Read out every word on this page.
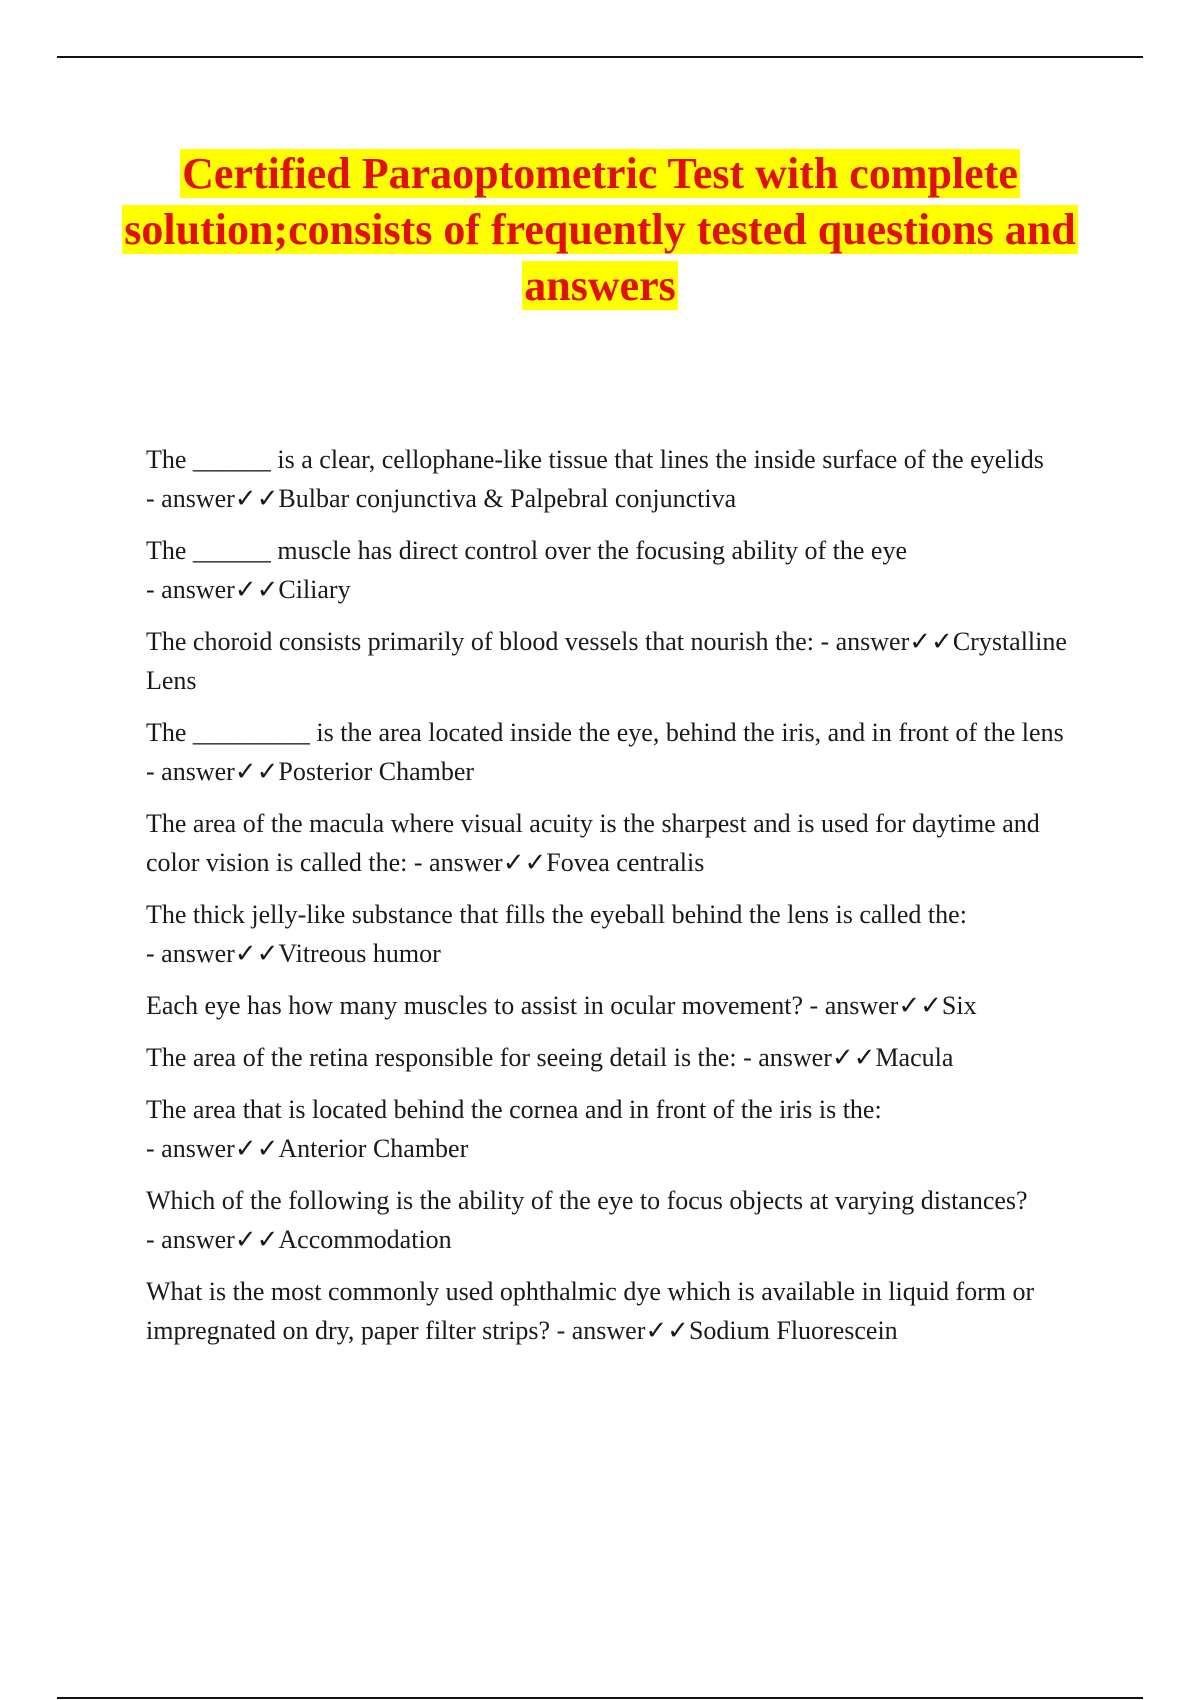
Certified Paraoptometric Test with complete solution;consists of frequently tested questions and answers
The ______ is a clear, cellophane-like tissue that lines the inside surface of the eyelids - answer✓✓Bulbar conjunctiva & Palpebral conjunctiva
The ______ muscle has direct control over the focusing ability of the eye - answer✓✓Ciliary
The choroid consists primarily of blood vessels that nourish the: - answer✓✓Crystalline Lens
The _________ is the area located inside the eye, behind the iris, and in front of the lens - answer✓✓Posterior Chamber
The area of the macula where visual acuity is the sharpest and is used for daytime and color vision is called the: - answer✓✓Fovea centralis
The thick jelly-like substance that fills the eyeball behind the lens is called the: - answer✓✓Vitreous humor
Each eye has how many muscles to assist in ocular movement? - answer✓✓Six
The area of the retina responsible for seeing detail is the: - answer✓✓Macula
The area that is located behind the cornea and in front of the iris is the: - answer✓✓Anterior Chamber
Which of the following is the ability of the eye to focus objects at varying distances? - answer✓✓Accommodation
What is the most commonly used ophthalmic dye which is available in liquid form or impregnated on dry, paper filter strips? - answer✓✓Sodium Fluorescein
